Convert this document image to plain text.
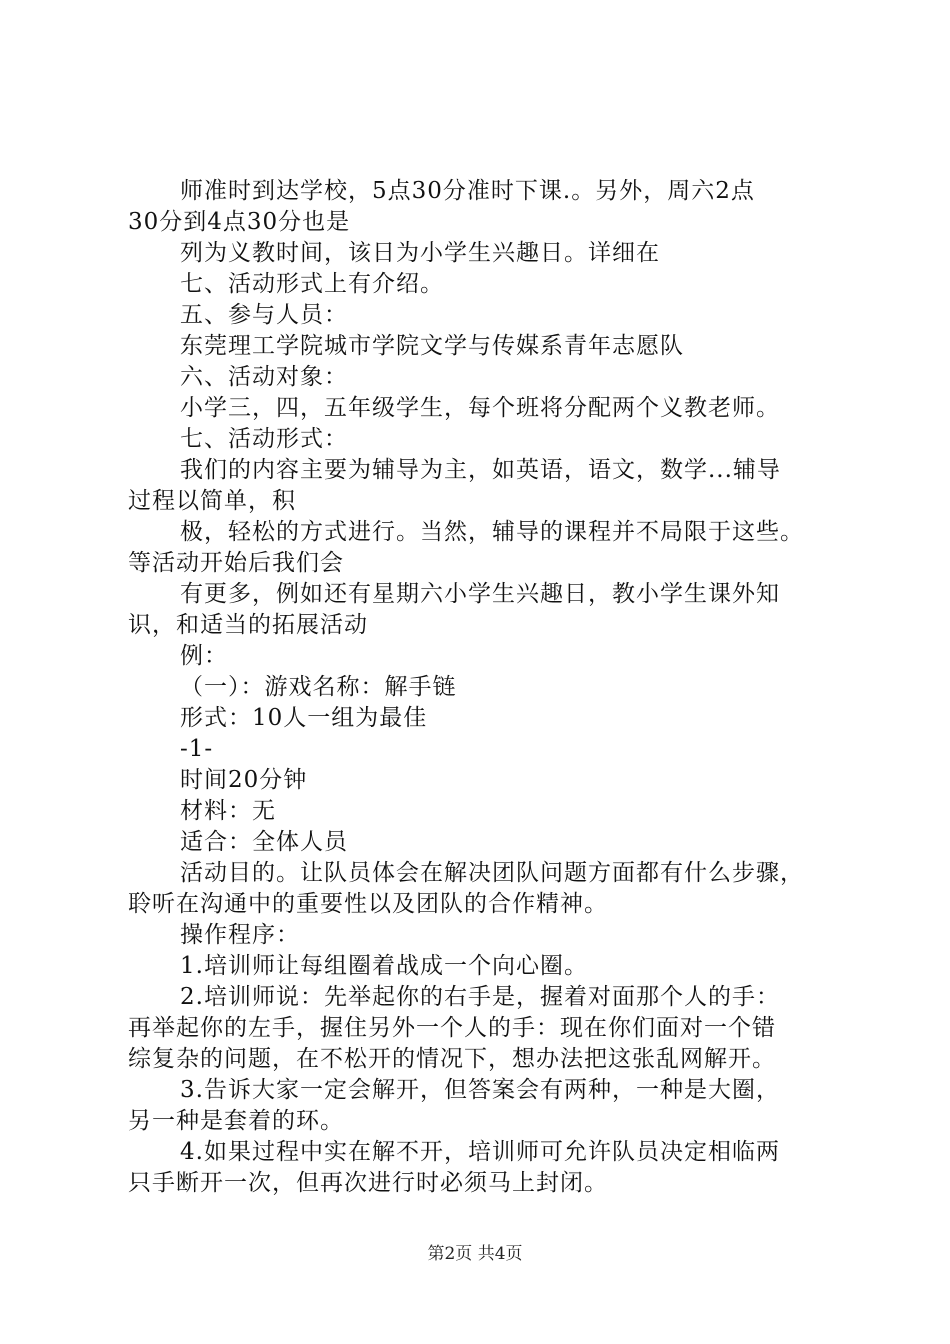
师准时到达学校，5点30分准时下课.。另外，周六2点

30分到4点30分也是

列为义教时间，该日为小学生兴趣日。详细在

七、活动形式上有介绍。

五、参与人员：

东莞理工学院城市学院文学与传媒系青年志愿队

六、活动对象：

小学三，四，五年级学生，每个班将分配两个义教老师。

七、活动形式：

我们的内容主要为辅导为主，如英语，语文，数学...辅导

过程以简单，积

极，轻松的方式进行。当然，辅导的课程并不局限于这些。

等活动开始后我们会

有更多，例如还有星期六小学生兴趣日，教小学生课外知

识，和适当的拓展活动

例：

（一）：游戏名称：解手链

形式：10人一组为最佳

-1-

时间20分钟

材料：无

适合：全体人员

活动目的。让队员体会在解决团队问题方面都有什么步骤，

聆听在沟通中的重要性以及团队的合作精神。

操作程序：

1.培训师让每组圈着战成一个向心圈。

2.培训师说：先举起你的右手是，握着对面那个人的手：

再举起你的左手，握住另外一个人的手：现在你们面对一个错

综复杂的问题，在不松开的情况下，想办法把这张乱网解开。

3.告诉大家一定会解开，但答案会有两种，一种是大圈，

另一种是套着的环。

4.如果过程中实在解不开，培训师可允许队员决定相临两

只手断开一次，但再次进行时必须马上封闭。

第2页 共4页
